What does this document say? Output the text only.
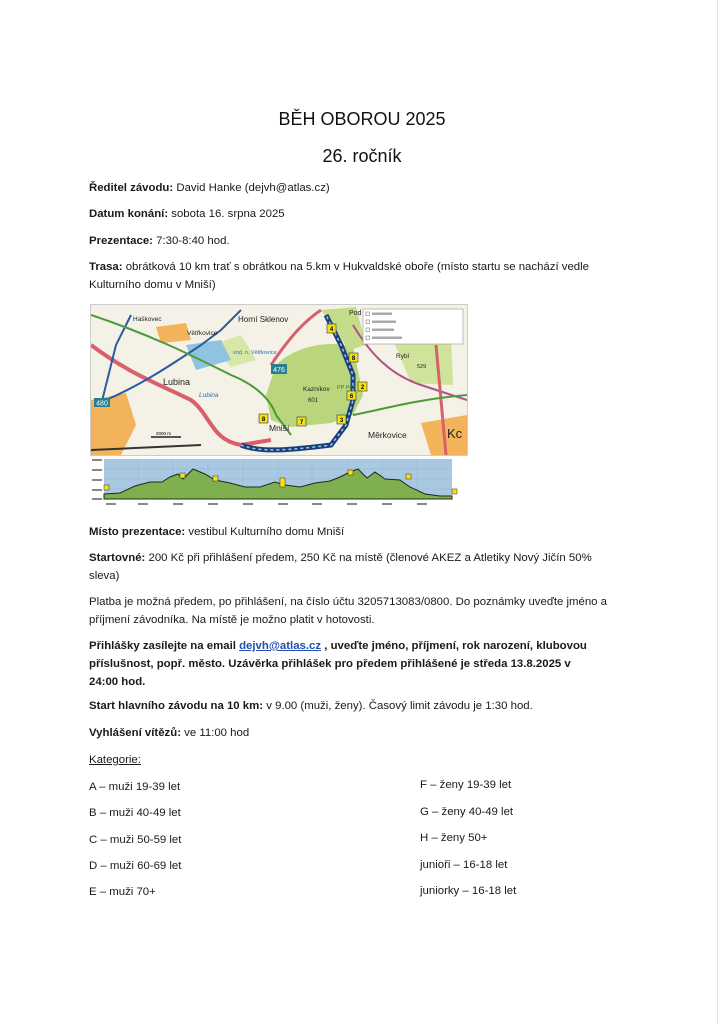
BĚH OBOROU 2025
26. ročník
Ředitel závodu: David Hanke (dejvh@atlas.cz)
Datum konání: sobota 16. srpna 2025
Prezentace: 7:30-8:40 hod.
Trasa: obrátková 10 km trať s obrátkou na 5.km v Hukvaldské oboře (místo startu se nachází vedle Kulturního domu v Mniší)
480
476
4
8
2
6
3
7
8
Haškovec
Větřkovice
Horní Sklenov
vod. n. Větřkovice
Lubina
Lubina
Kazníkov
601
PP Pod
Rybí
529
Mniší
Měrkovice	Kc
Pod
2000 m
Místo prezentace: vestibul Kulturního domu Mniší
Startovné: 200 Kč při přihlášení předem, 250 Kč na místě (členové AKEZ a Atletiky Nový Jičín 50% sleva)
Platba je možná předem, po přihlášení, na číslo účtu 3205713083/0800. Do poznámky uveďte jméno a příjmení závodníka. Na místě je možno platit v hotovosti.
Přihlášky zasílejte na email dejvh@atlas.cz , uveďte jméno, příjmení, rok narození, klubovou příslušnost, popř. město. Uzávěrka přihlášek pro předem přihlášené je středa 13.8.2025 v 24:00 hod.
Start hlavního závodu na 10 km: v 9.00 (muži, ženy). Časový limit závodu je 1:30 hod.
Vyhlášení vítězů: ve 11:00 hod
Kategorie:
A – muži 19-39 let
B – muži 40-49 let
C – muži 50-59 let
D – muži 60-69 let
E – muži 70+
F – ženy 19-39 let
G – ženy 40-49 let
H – ženy 50+
junioři – 16-18 let
juniorky – 16-18 let
